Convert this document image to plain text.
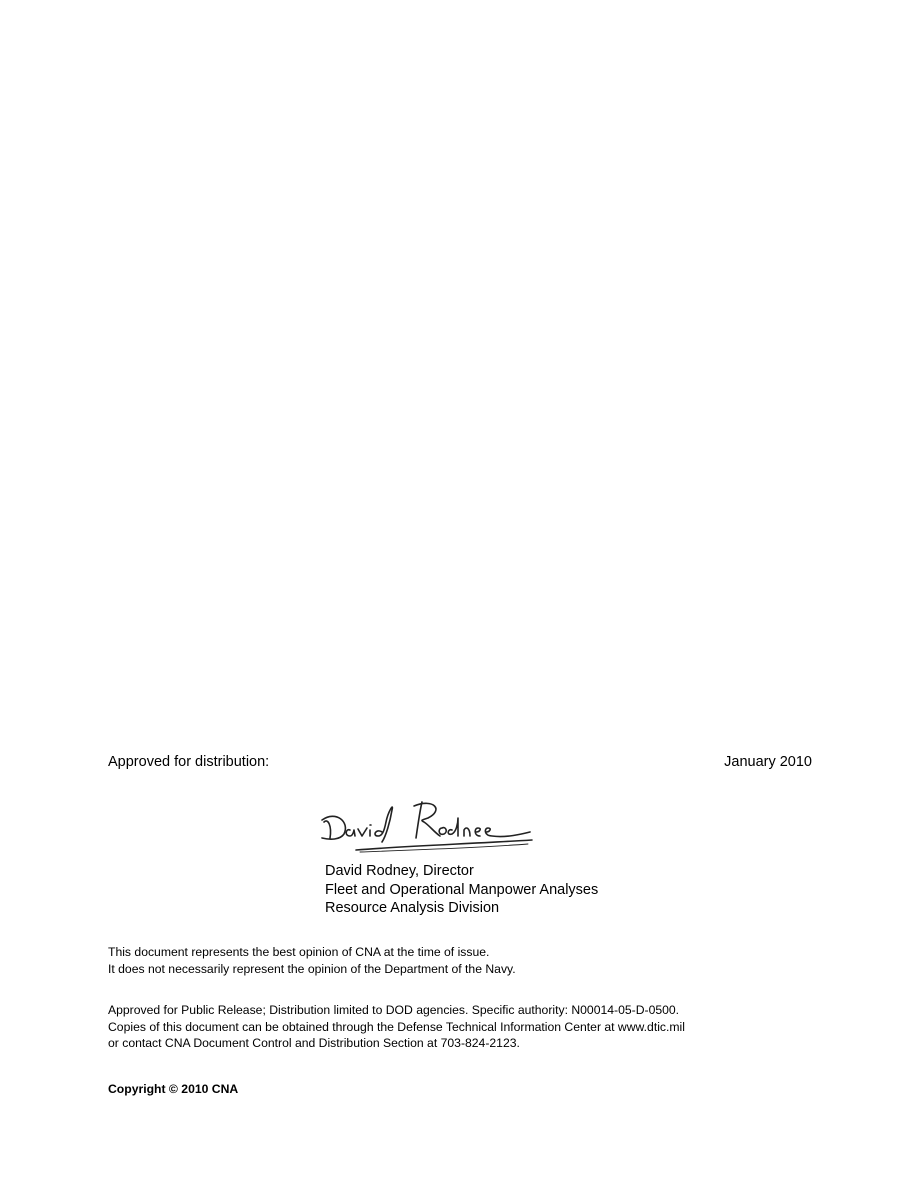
Approved for distribution:	January 2010
David Rodney, Director
Fleet and Operational Manpower Analyses
Resource Analysis Division
This document represents the best opinion of CNA at the time of issue.
It does not necessarily represent the opinion of the Department of the Navy.
Approved for Public Release; Distribution limited to DOD agencies. Specific authority: N00014-05-D-0500.
Copies of this document can be obtained through the Defense Technical Information Center at www.dtic.mil
or contact CNA Document Control and Distribution Section at 703-824-2123.
Copyright © 2010 CNA
